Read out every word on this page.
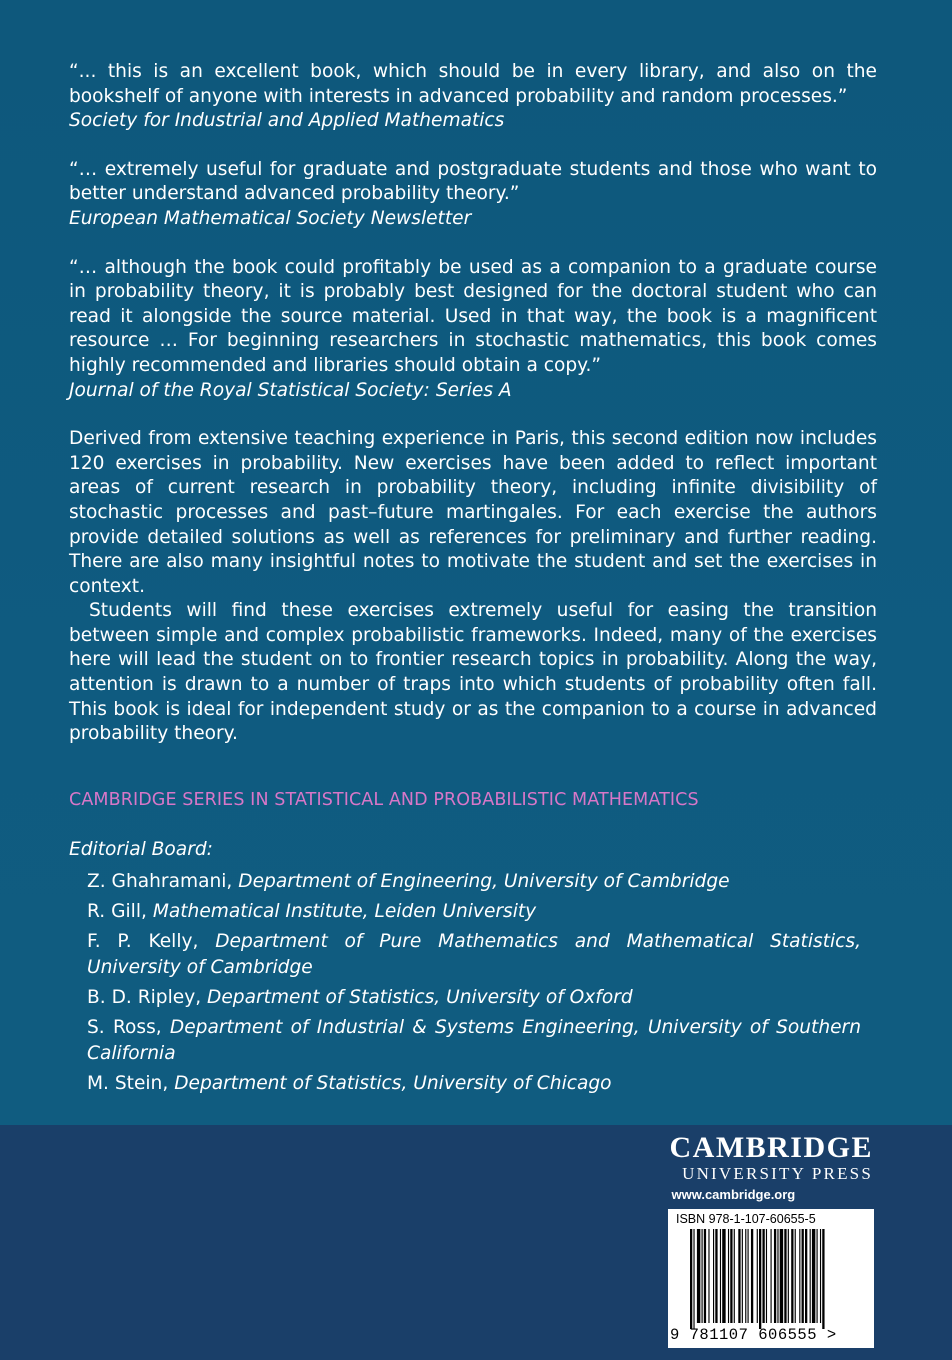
“... this is an excellent book, which should be in every library, and also on the bookshelf of anyone with interests in advanced probability and random processes.”

Society for Industrial and Applied Mathematics

“… extremely useful for graduate and postgraduate students and those who want to better understand advanced probability theory.”

European Mathematical Society Newsletter

“… although the book could profitably be used as a companion to a graduate course in probability theory, it is probably best designed for the doctoral student who can read it alongside the source material. Used in that way, the book is a magnificent resource … For beginning researchers in stochastic mathematics, this book comes highly recommended and libraries should obtain a copy.”

Journal of the Royal Statistical Society: Series A

Derived from extensive teaching experience in Paris, this second edition now includes 120 exercises in probability. New exercises have been added to reflect important areas of current research in probability theory, including infinite divisibility of stochastic processes and past–future martingales. For each exercise the authors provide detailed solutions as well as references for preliminary and further reading. There are also many insightful notes to motivate the student and set the exercises in context.

Students will find these exercises extremely useful for easing the transition between simple and complex probabilistic frameworks. Indeed, many of the exercises here will lead the student on to frontier research topics in probability. Along the way, attention is drawn to a number of traps into which students of probability often fall. This book is ideal for independent study or as the companion to a course in advanced probability theory.

CAMBRIDGE SERIES IN STATISTICAL AND PROBABILISTIC MATHEMATICS
Editorial Board:
Z. Ghahramani, Department of Engineering, University of Cambridge
R. Gill, Mathematical Institute, Leiden University
F. P. Kelly, Department of Pure Mathematics and Mathematical Statistics, University of Cambridge
B. D. Ripley, Department of Statistics, University of Oxford
S. Ross, Department of Industrial & Systems Engineering, University of Southern California
M. Stein, Department of Statistics, University of Chicago
CAMBRIDGE
UNIVERSITY PRESS
www.cambridge.org
ISBN 978-1-107-60655-5
9 781107 606555 >
